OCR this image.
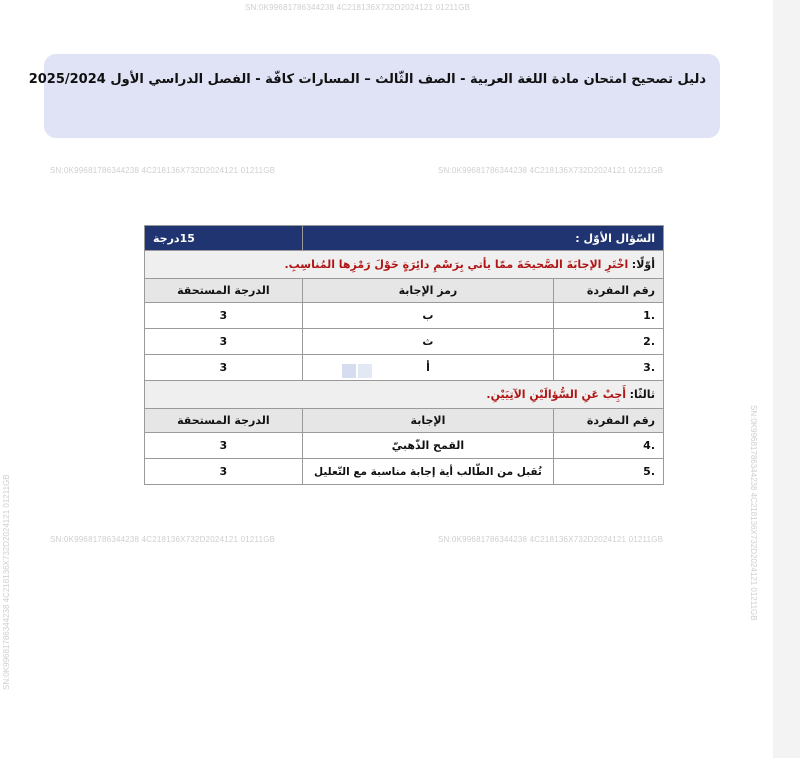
SN:0K99681786344238 4C218136X732D2024121 01211GB
SN:0K99681786344238 4C218136X732D2024121 01211GB	SN:0K99681786344238 4C218136X732D2024121 01211GB
SN:0K99681786344238 4C218136X732D2024121 01211GB	SN:0K99681786344238 4C218136X732D2024121 01211GB
SN:0K99681786344238 4C218136X732D2024121 01211GB	SN:0K99681786344238 4C218136X732D2024121 01211GB
دليل تصحيح امتحان مادة اللغة العربية - الصف الثّالث – المسارات كافّة - الفصل الدراسي الأول 2025/2024
السّؤال الأوّل :		15درجة
أوّلًا: اخْتَرِ الإجابَةَ الصَّحيحَةَ ممّا يأتي بِرَسْمِ دائِرَةٍ حَوْلَ رَمْزِها المُناسِبِ.		
رقم المفردة	رمز الإجابة	الدرجة المستحقة
.1	ب	3
.2	ث	3
.3	أ	3
ثالثًا: أَجِبْ عَنِ السُّؤالَيْنِ الآتِيَيْنِ.		
رقم المفردة	الإجابة	الدرجة المستحقة
.4	القمح الذّهبيّ	3
.5	تُقبل من الطّالب أية إجابة مناسبة مع التّعليل	3
